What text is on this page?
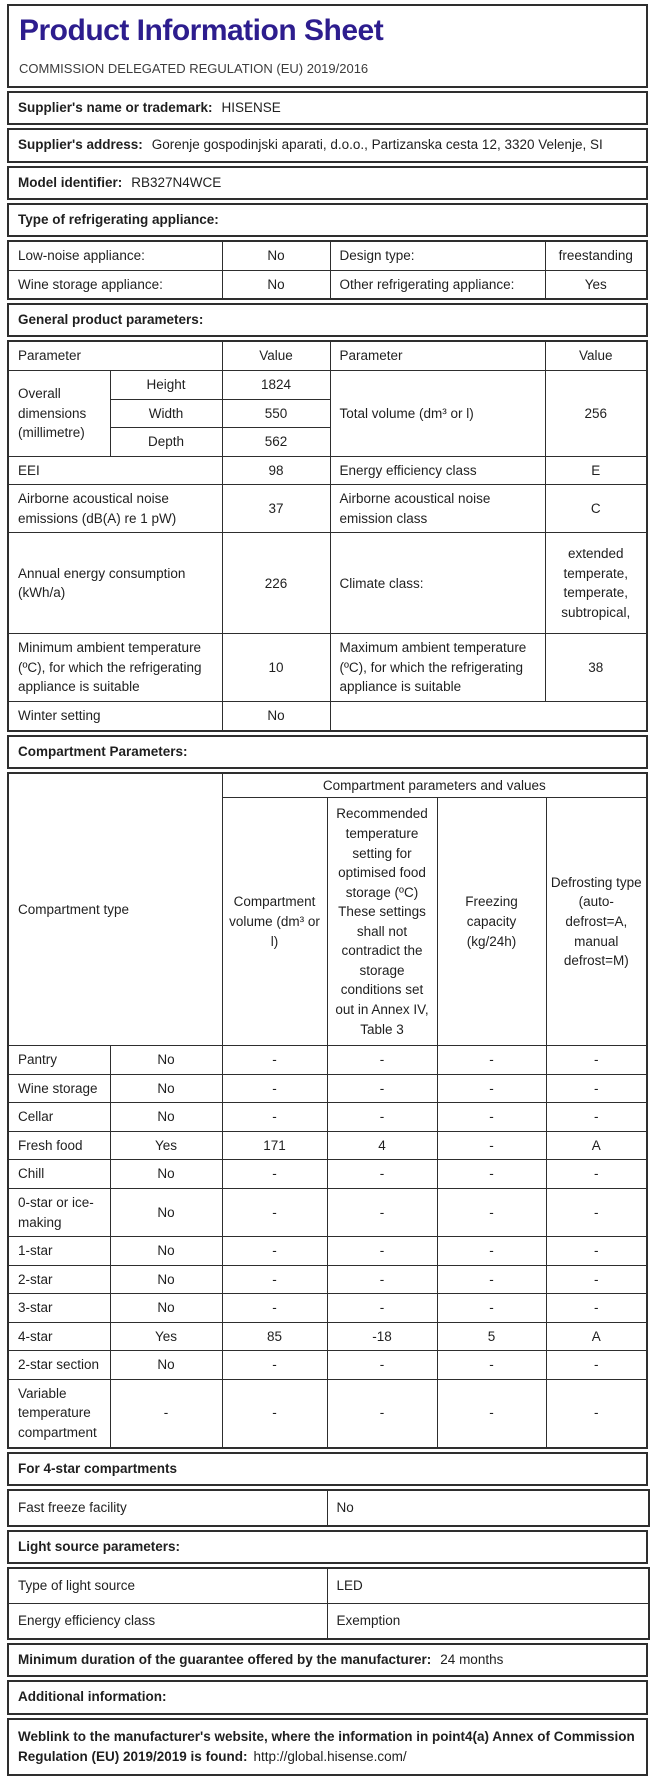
Product Information Sheet
COMMISSION DELEGATED REGULATION (EU) 2019/2016
Supplier's name or trademark: HISENSE
Supplier's address: Gorenje gospodinjski aparati, d.o.o., Partizanska cesta 12, 3320 Velenje, SI
Model identifier: RB327N4WCE
Type of refrigerating appliance:
Low-noise appliance:	No	Design type:	freestanding
Wine storage appliance:	No	Other refrigerating appliance:	Yes
General product parameters:
Parameter		Value	Parameter	Value
Overall dimensions (millimetre)	Height	1824	Total volume (dm³ or l)	256
	Width	550		
	Depth	562		
EEI		98	Energy efficiency class	E
Airborne acoustical noise emissions (dB(A) re 1 pW)		37	Airborne acoustical noise emission class	C
Annual energy consumption (kWh/a)		226	Climate class:	extended temperate, temperate, subtropical,
Minimum ambient temperature (ºC), for which the refrigerating appliance is suitable		10	Maximum ambient temperature (ºC), for which the refrigerating appliance is suitable	38
Winter setting		No		
Compartment Parameters:
Compartment type		Compartment parameters and values			
		Compartment volume (dm³ or l)	Recommended temperature setting for optimised food storage (ºC) These settings shall not contradict the storage conditions set out in Annex IV, Table 3	Freezing capacity (kg/24h)	Defrosting type (auto-defrost=A, manual defrost=M)
Pantry	No	-	-	-	-
Wine storage	No	-	-	-	-
Cellar	No	-	-	-	-
Fresh food	Yes	171	4	-	A
Chill	No	-	-	-	-
0-star or ice-making	No	-	-	-	-
1-star	No	-	-	-	-
2-star	No	-	-	-	-
3-star	No	-	-	-	-
4-star	Yes	85	-18	5	A
2-star section	No	-	-	-	-
Variable temperature compartment	-	-	-	-	-
For 4-star compartments
Fast freeze facility	No
Light source parameters:
Type of light source	LED
Energy efficiency class	Exemption
Minimum duration of the guarantee offered by the manufacturer: 24 months
Additional information:
Weblink to the manufacturer's website, where the information in point4(a) Annex of Commission Regulation (EU) 2019/2019 is found: http://global.hisense.com/
